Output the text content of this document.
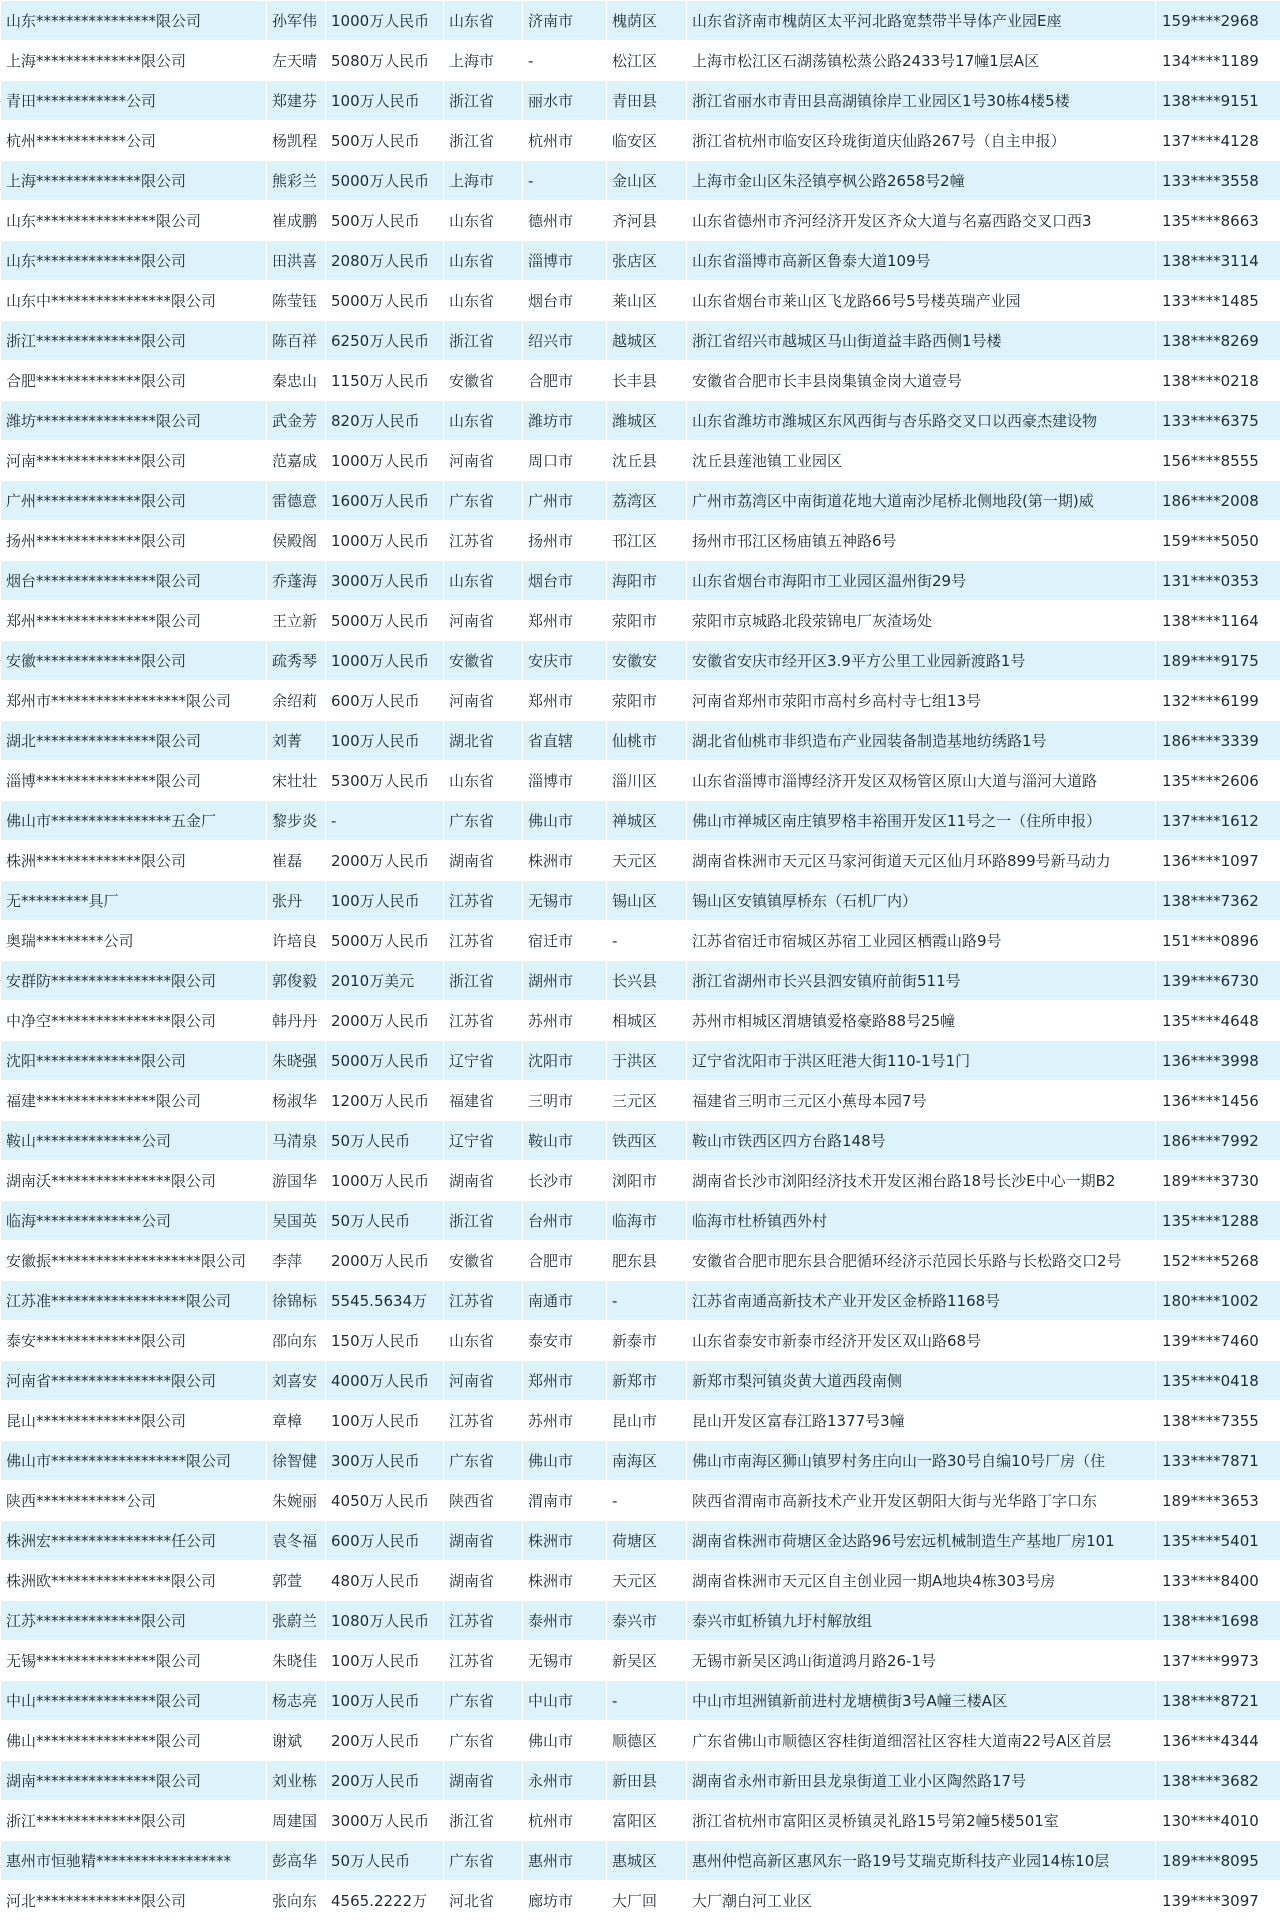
山东****************限公司	孙军伟	1000万人民币	山东省	济南市	槐荫区	山东省济南市槐荫区太平河北路宽禁带半导体产业园E座	159****2968
上海**************限公司	左天晴	5080万人民币	上海市	-	松江区	上海市松江区石湖荡镇松蒸公路2433号17幢1层A区	134****1189
青田************公司	郑建芬	100万人民币	浙江省	丽水市	青田县	浙江省丽水市青田县高湖镇徐岸工业园区1号30栋4楼5楼	138****9151
杭州************公司	杨凯程	500万人民币	浙江省	杭州市	临安区	浙江省杭州市临安区玲珑街道庆仙路267号（自主申报）	137****4128
上海**************限公司	熊彩兰	5000万人民币	上海市	-	金山区	上海市金山区朱泾镇亭枫公路2658号2幢	133****3558
山东****************限公司	崔成鹏	500万人民币	山东省	德州市	齐河县	山东省德州市齐河经济开发区齐众大道与名嘉西路交叉口西3	135****8663
山东**************限公司	田洪喜	2080万人民币	山东省	淄博市	张店区	山东省淄博市高新区鲁泰大道109号	138****3114
山东中****************限公司	陈莹钰	5000万人民币	山东省	烟台市	莱山区	山东省烟台市莱山区飞龙路66号5号楼英瑞产业园	133****1485
浙江**************限公司	陈百祥	6250万人民币	浙江省	绍兴市	越城区	浙江省绍兴市越城区马山街道益丰路西侧1号楼	138****8269
合肥**************限公司	秦忠山	1150万人民币	安徽省	合肥市	长丰县	安徽省合肥市长丰县岗集镇金岗大道壹号	138****0218
潍坊****************限公司	武金芳	820万人民币	山东省	潍坊市	潍城区	山东省潍坊市潍城区东风西街与杏乐路交叉口以西豪杰建设物	133****6375
河南**************限公司	范嘉成	1000万人民币	河南省	周口市	沈丘县	沈丘县莲池镇工业园区	156****8555
广州**************限公司	雷德意	1600万人民币	广东省	广州市	荔湾区	广州市荔湾区中南街道花地大道南沙尾桥北侧地段(第一期)威	186****2008
扬州**************限公司	侯殿阁	1000万人民币	江苏省	扬州市	邗江区	扬州市邗江区杨庙镇五神路6号	159****5050
烟台****************限公司	乔蓬海	3000万人民币	山东省	烟台市	海阳市	山东省烟台市海阳市工业园区温州街29号	131****0353
郑州****************限公司	王立新	5000万人民币	河南省	郑州市	荥阳市	荥阳市京城路北段荥锦电厂灰渣场处	138****1164
安徽**************限公司	疏秀琴	1000万人民币	安徽省	安庆市	安徽安	安徽省安庆市经开区3.9平方公里工业园新渡路1号	189****9175
郑州市******************限公司	余绍莉	600万人民币	河南省	郑州市	荥阳市	河南省郑州市荥阳市高村乡高村寺七组13号	132****6199
湖北****************限公司	刘菁	100万人民币	湖北省	省直辖	仙桃市	湖北省仙桃市非织造布产业园装备制造基地纺绣路1号	186****3339
淄博****************限公司	宋壮壮	5300万人民币	山东省	淄博市	淄川区	山东省淄博市淄博经济开发区双杨管区原山大道与淄河大道路	135****2606
佛山市****************五金厂	黎步炎	-	广东省	佛山市	禅城区	佛山市禅城区南庄镇罗格丰裕围开发区11号之一（住所申报）	137****1612
株洲**************限公司	崔磊	2000万人民币	湖南省	株洲市	天元区	湖南省株洲市天元区马家河街道天元区仙月环路899号新马动力	136****1097
无*********具厂	张丹	100万人民币	江苏省	无锡市	锡山区	锡山区安镇镇厚桥东（石机厂内）	138****7362
奥瑞*********公司	许培良	5000万人民币	江苏省	宿迁市	-	江苏省宿迁市宿城区苏宿工业园区栖霞山路9号	151****0896
安群防****************限公司	郭俊毅	2010万美元	浙江省	湖州市	长兴县	浙江省湖州市长兴县泗安镇府前街511号	139****6730
中净空****************限公司	韩丹丹	2000万人民币	江苏省	苏州市	相城区	苏州市相城区渭塘镇爱格豪路88号25幢	135****4648
沈阳**************限公司	朱晓强	5000万人民币	辽宁省	沈阳市	于洪区	辽宁省沈阳市于洪区旺港大街110-1号1门	136****3998
福建****************限公司	杨淑华	1200万人民币	福建省	三明市	三元区	福建省三明市三元区小蕉母本园7号	136****1456
鞍山**************公司	马清泉	50万人民币	辽宁省	鞍山市	铁西区	鞍山市铁西区四方台路148号	186****7992
湖南沃****************限公司	游国华	1000万人民币	湖南省	长沙市	浏阳市	湖南省长沙市浏阳经济技术开发区湘台路18号长沙E中心一期B2	189****3730
临海**************公司	吴国英	50万人民币	浙江省	台州市	临海市	临海市杜桥镇西外村	135****1288
安徽振********************限公司	李萍	2000万人民币	安徽省	合肥市	肥东县	安徽省合肥市肥东县合肥循环经济示范园长乐路与长松路交口2号	152****5268
江苏准******************限公司	徐锦标	5545.5634万	江苏省	南通市	-	江苏省南通高新技术产业开发区金桥路1168号	180****1002
泰安**************限公司	邵向东	150万人民币	山东省	泰安市	新泰市	山东省泰安市新泰市经济开发区双山路68号	139****7460
河南省****************限公司	刘喜安	4000万人民币	河南省	郑州市	新郑市	新郑市梨河镇炎黄大道西段南侧	135****0418
昆山**************限公司	章樟	100万人民币	江苏省	苏州市	昆山市	昆山开发区富春江路1377号3幢	138****7355
佛山市******************限公司	徐智健	300万人民币	广东省	佛山市	南海区	佛山市南海区狮山镇罗村务庄向山一路30号自编10号厂房（住	133****7871
陕西************公司	朱婉丽	4050万人民币	陕西省	渭南市	-	陕西省渭南市高新技术产业开发区朝阳大街与光华路丁字口东	189****3653
株洲宏****************任公司	袁冬福	600万人民币	湖南省	株洲市	荷塘区	湖南省株洲市荷塘区金达路96号宏远机械制造生产基地厂房101	135****5401
株洲欧****************限公司	郭萱	480万人民币	湖南省	株洲市	天元区	湖南省株洲市天元区自主创业园一期A地块4栋303号房	133****8400
江苏**************限公司	张蔚兰	1080万人民币	江苏省	泰州市	泰兴市	泰兴市虹桥镇九圩村解放组	138****1698
无锡****************限公司	朱晓佳	100万人民币	江苏省	无锡市	新吴区	无锡市新吴区鸿山街道鸿月路26-1号	137****9973
中山****************限公司	杨志亮	100万人民币	广东省	中山市	-	中山市坦洲镇新前进村龙塘横街3号A幢三楼A区	138****8721
佛山****************限公司	谢斌	200万人民币	广东省	佛山市	顺德区	广东省佛山市顺德区容桂街道细滘社区容桂大道南22号A区首层	136****4344
湖南****************限公司	刘业栋	200万人民币	湖南省	永州市	新田县	湖南省永州市新田县龙泉街道工业小区陶然路17号	138****3682
浙江**************限公司	周建国	3000万人民币	浙江省	杭州市	富阳区	浙江省杭州市富阳区灵桥镇灵礼路15号第2幢5楼501室	130****4010
惠州市恒驰精******************	彭高华	50万人民币	广东省	惠州市	惠城区	惠州仲恺高新区惠风东一路19号艾瑞克斯科技产业园14栋10层	189****8095
河北**************限公司	张向东	4565.2222万	河北省	廊坊市	大厂回	大厂潮白河工业区	139****3097
